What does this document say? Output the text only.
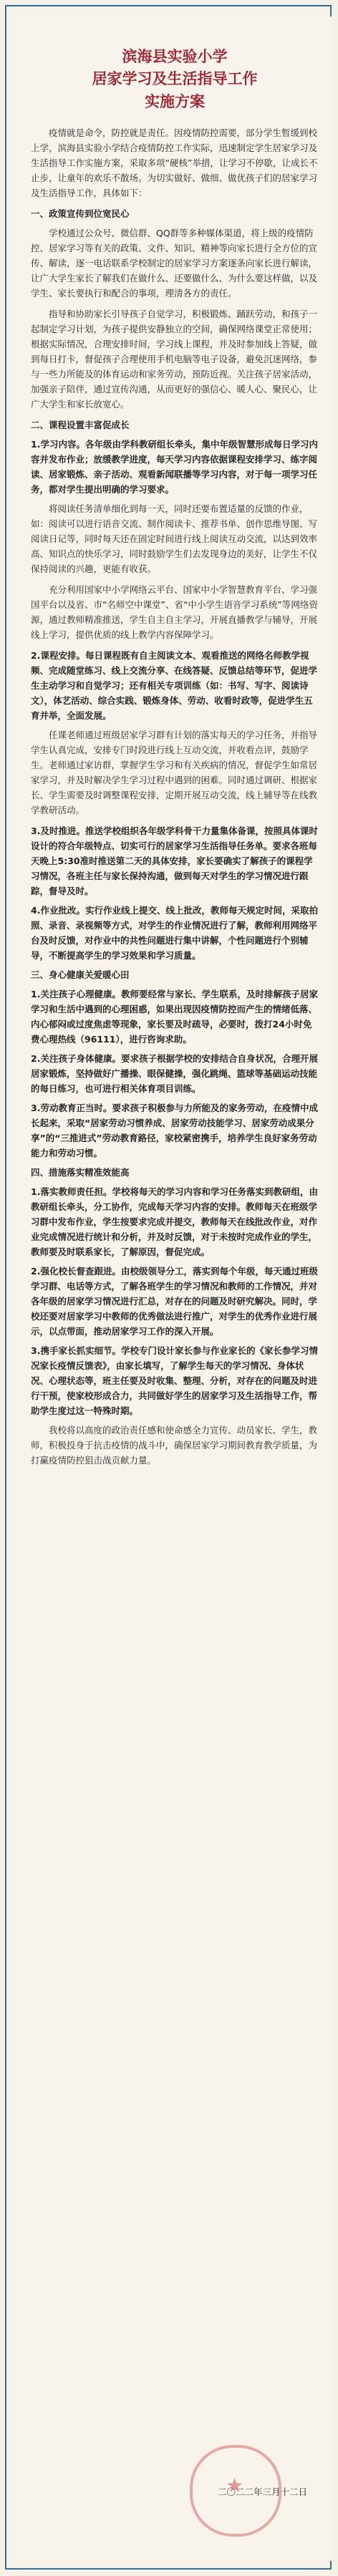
滨海县实验小学
居家学习及生活指导工作
实施方案

疫情就是命令，防控就是责任。因疫情防控需要，部分学生暂缓到校上学，滨海县实验小学结合疫情防控工作实际，迅速制定学生居家学习及生活指导工作实施方案，采取多项“硬核”举措，让学习不停歇，让成长不止步，让童年的欢乐不散场。为切实做好、做细、做优孩子们的居家学习及生活指导工作，具体如下：

一、政策宣传到位宽民心

学校通过公众号、微信群、QQ群等多种媒体渠道，将上级的疫情防控、居家学习等有关的政策、文件、知识、精神等向家长进行全方位的宣传、解读，逐一电话联系学校制定的居家学习方案逐条向家长进行解读，让广大学生家长了解我们在做什么、还要做什么、为什么要这样做，以及学生、家长要执行和配合的事项，理清各方的责任。

指导和协助家长引导孩子自觉学习，积极锻炼、踊跃劳动，和孩子一起制定学习计划，为孩子提供安静独立的空间，确保网络课堂正常使用；根据实际情况，合理安排时间，学习线上课程，并及时参加线上答疑，做到每日打卡，督促孩子合理使用手机电脑等电子设备，避免沉迷网络，参与一些力所能及的体育运动和家务劳动，预防近视。关注孩子居家活动，加强亲子陪伴，通过宣传沟通，从而更好的强信心、暖人心、聚民心，让广大学生和家长放宽心。

二、课程设置丰富促成长

1.学习内容。各年级由学科教研组长牵头，集中年级智慧形成每日学习内容并发布作业；放缓教学进度，每天学习内容依据课程安排学习、练字阅读、居家锻炼、亲子活动、观看新闻联播等学习内容，对于每一项学习任务，都对学生提出明确的学习要求。

将阅读任务清单细化到每一天，同时还要布置适量的反馈的作业，如：阅读可以进行语音交流、制作阅读卡、推荐书单、创作思维导图、写阅读日记等，同时每天还在固定时间进行线上阅读互动交流，以达到效率高、知识点的快乐学习，同时鼓励学生们去发现身边的美好，让学生不仅保持阅读的兴趣，更能有收获。

充分利用国家中小学网络云平台、国家中小学智慧教育平台、学习强国平台以及省、市“名师空中课堂”、省“中小学生语音学习系统”等网络资源，通过教师精准推送，学生自主自主学习，开展直播教学与辅导，开展线上学习，提供优质的线上教学内容保障学习。

2.课程安排。每日课程既有自主阅读文本、观看推送的网络名师教学视频、完成随堂练习、线上交流分享、在线答疑、反馈总结等环节，促进学生主动学习和自觉学习；还有相关专项训练（如：书写、写字、阅读诗文），体艺活动、综合实践、锻炼身体、劳动、收看时政等，促进学生五育并举，全面发展。

任课老师通过班级居家学习群有计划的落实每天的学习任务，并指导学生认真完成，安排专门时段进行线上互动交流，并收看点评，鼓励学生。老师通过家访群，掌握学生学习和有关疾病的情况，督促学生如常居家学习，并及时解决学生学习过程中遇到的困难。同时通过调研、根据家长、学生需要及时调整课程安排，定期开展互动交流，线上辅导等在线教学教研活动。

3.及时推进。推送学校组织各年级学科骨干力量集体备课，按照具体课时设计的符合年级特点、切实可行的居家学习生活指导任务单。要求各班每天晚上5:30准时推送第二天的具体安排，家长要确实了解孩子的课程学习情况，各班主任与家长保持沟通，做到每天对学生的学习情况进行跟踪，督导及时。

4.作业批改。实行作业线上提交、线上批改，教师每天规定时间，采取拍照、录音、录视频等方式，对学生的作业情况进行了解，教师利用网络平台及时反馈，对作业中的共性问题进行集中讲解，个性问题进行个别辅导，不断提高学生的学习效果和学习质量。

三、身心健康关爱暖心田

1.关注孩子心理健康。教师要经常与家长、学生联系，及时排解孩子居家学习和生活中遇到的心理困惑，如果出现因疫情防控而产生的情绪低落、内心郁闷或过度焦虑等现象，家长要及时疏导，必要时，拨打24小时免费心理热线（96111），进行咨询求助。

2.关注孩子身体健康。要求孩子根据学校的安排结合自身状况，合理开展居家锻炼，坚持做好广播操、眼保健操，强化跳绳、篮球等基础运动技能的每日练习，也可进行相关体育项目训练。

3.劳动教育正当时。要求孩子积极参与力所能及的家务劳动，在疫情中成长起来，采取“居家劳动习惯养成、居家劳动技能学习、居家劳动成果分享”的“三推进式”劳动教育路径，家校紧密携手，培养学生良好家务劳动能力和劳动习惯。

四、措施落实精准效能高

1.落实教师责任担。学校将每天的学习内容和学习任务落实到教研组，由教研组长牵头，分工协作，完成每天学习内容的安排。教师每天在班级学习群中发布作业，学生按要求完成并提交，教师每天在线批改作业，对作业完成情况进行统计和分析，并及时反馈，对于未按时完成作业的学生，教师要及时联系家长，了解原因，督促完成。

2.强化校长督查跟进。由校级领导分工，落实到每个年级，每天通过班级学习群、电话等方式，了解各班学生的学习情况和教师的工作情况，并对各年级的居家学习情况进行汇总，对存在的问题及时研究解决。同时，学校还要对居家学习中教师的优秀做法进行推广，对学生的优秀作业进行展示，以点带面，推动居家学习工作的深入开展。

3.携手家长抓实细节。学校专门设计家长参与作业家长的《家长参学习情况家长疫情反馈表》，由家长填写，了解学生每天的学习情况、身体状况、心理状态等，班主任要及时收集、整理、分析，对存在的问题及时进行干预，使家校形成合力，共同做好学生的居家学习及生活指导工作，帮助学生度过这一特殊时期。

我校将以高度的政治责任感和使命感全力宣传、动员家长、学生，教师，积极投身于抗击疫情的战斗中，确保居家学习期间教育教学质量，为打赢疫情防控狙击战贡献力量。

二〇二二年三月十二日
★
